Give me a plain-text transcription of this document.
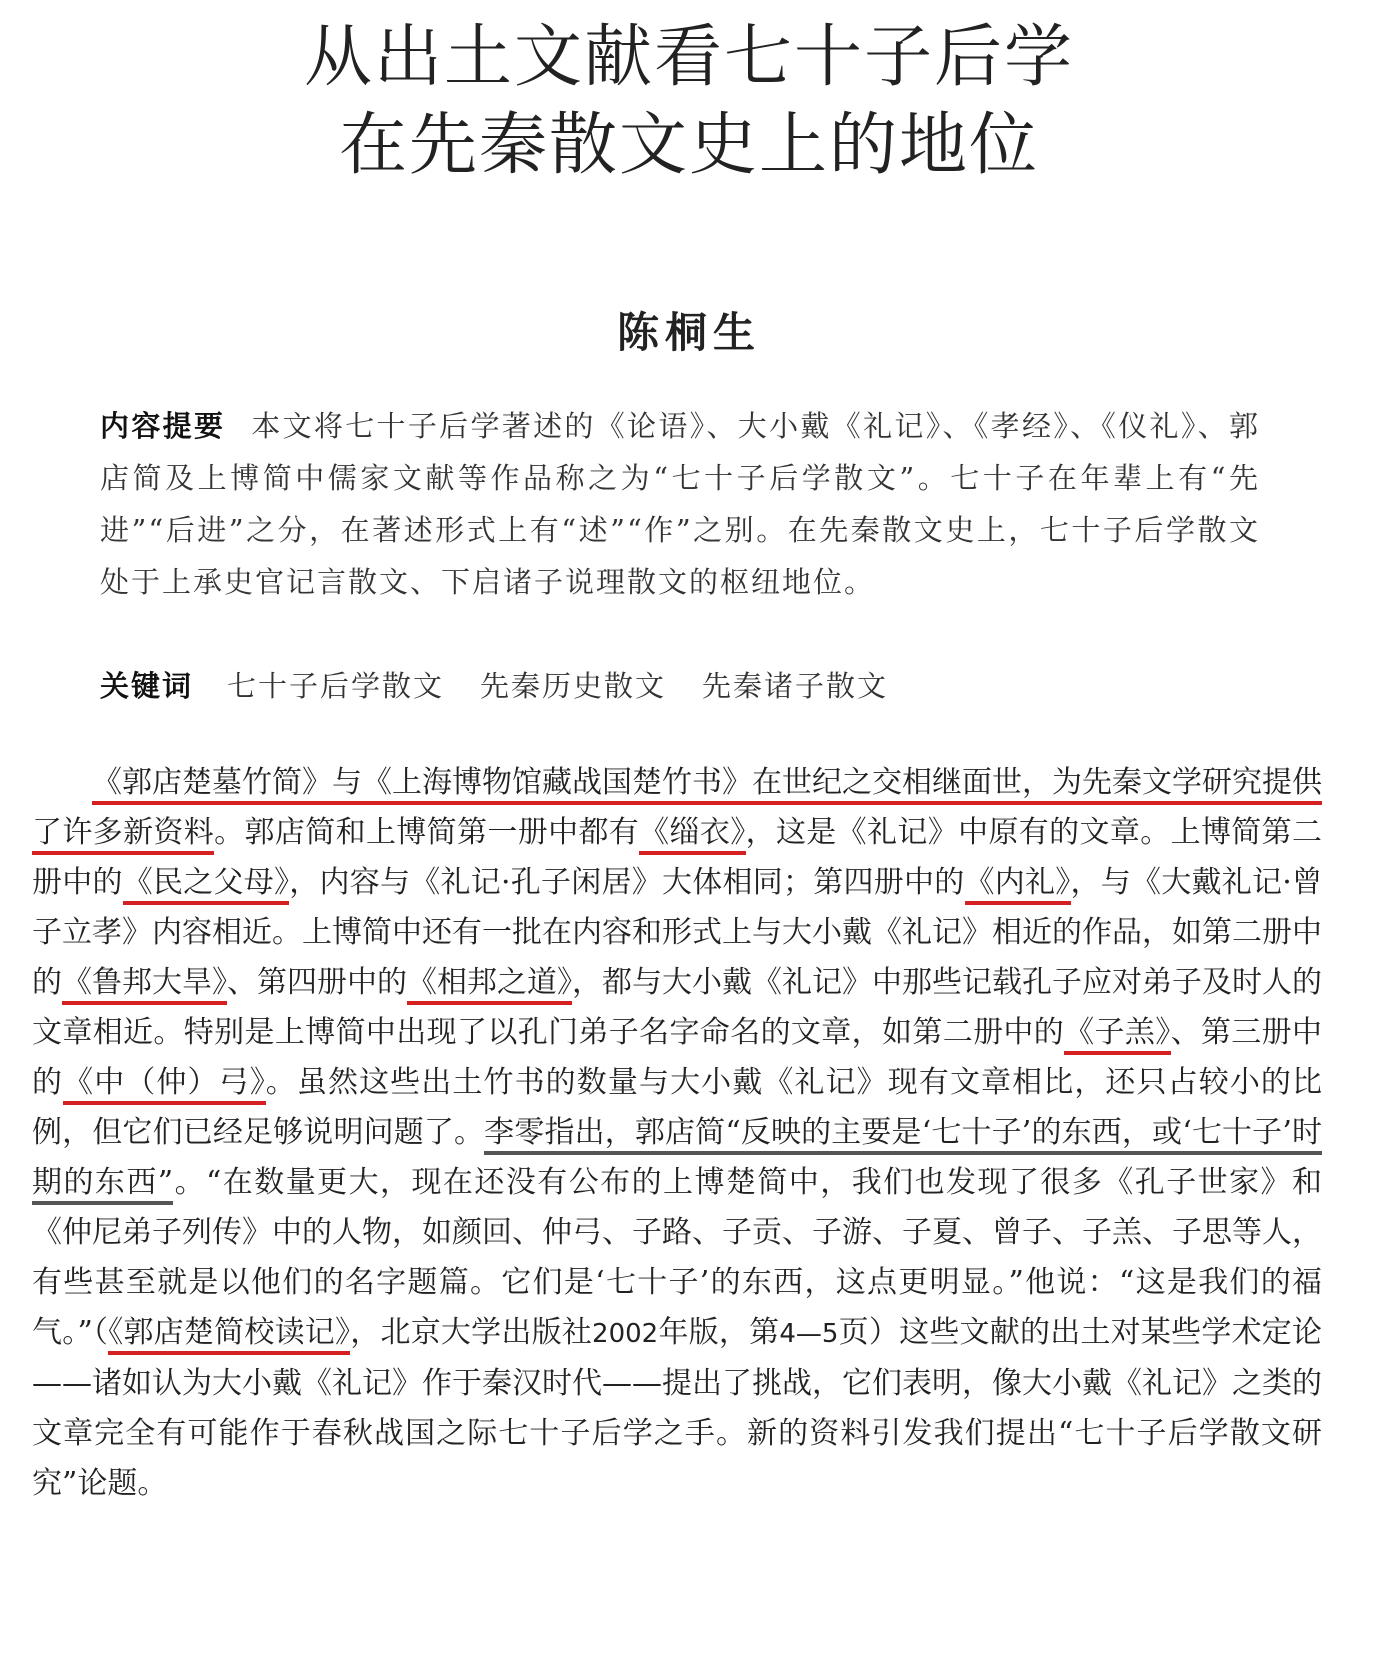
从出土文献看七十子后学
在先秦散文史上的地位
陈桐生

内容提要 本文将七十子后学著述的《论语》、大小戴《礼记》、《孝经》、《仪礼》、郭店简及上博简中儒家文献等作品称之为“七十子后学散文”。七十子在年辈上有“先进”“后进”之分，在著述形式上有“述”“作”之别。在先秦散文史上，七十子后学散文处于上承史官记言散文、下启诸子说理散文的枢纽地位。

关键词 七十子后学散文 先秦历史散文 先秦诸子散文

《郭店楚墓竹简》与《上海博物馆藏战国楚竹书》在世纪之交相继面世，为先秦文学研究提供了许多新资料。郭店简和上博简第一册中都有《缁衣》，这是《礼记》中原有的文章。上博简第二册中的《民之父母》，内容与《礼记·孔子闲居》大体相同；第四册中的《内礼》，与《大戴礼记·曾子立孝》内容相近。上博简中还有一批在内容和形式上与大小戴《礼记》相近的作品，如第二册中的《鲁邦大旱》、第四册中的《相邦之道》，都与大小戴《礼记》中那些记载孔子应对弟子及时人的文章相近。特别是上博简中出现了以孔门弟子名字命名的文章，如第二册中的《子羔》、第三册中的《中（仲）弓》。虽然这些出土竹书的数量与大小戴《礼记》现有文章相比，还只占较小的比例，但它们已经足够说明问题了。李零指出，郭店简“反映的主要是‘七十子’的东西，或‘七十子’时期的东西”。“在数量更大，现在还没有公布的上博楚简中，我们也发现了很多《孔子世家》和《仲尼弟子列传》中的人物，如颜回、仲弓、子路、子贡、子游、子夏、曾子、子羔、子思等人，有些甚至就是以他们的名字题篇。它们是‘七十子’的东西，这点更明显。”他说：“这是我们的福气。”（《郭店楚简校读记》，北京大学出版社2002年版，第4—5页）这些文献的出土对某些学术定论——诸如认为大小戴《礼记》作于秦汉时代——提出了挑战，它们表明，像大小戴《礼记》之类的文章完全有可能作于春秋战国之际七十子后学之手。新的资料引发我们提出“七十子后学散文研究”论题。
